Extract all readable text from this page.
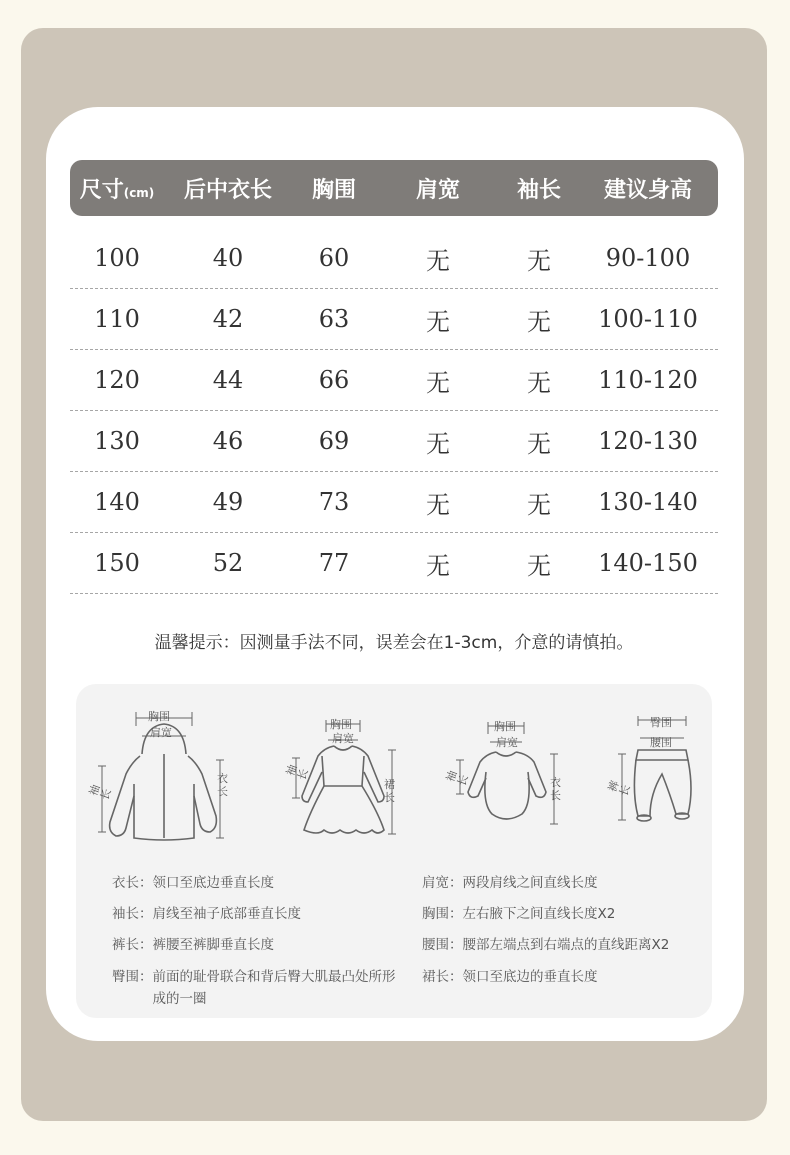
尺寸(cm)	后中衣长	胸围	肩宽	袖长	建议身高
100	40	60	无	无	90-100
110	42	63	无	无	100-110
120	44	66	无	无	110-120
130	46	69	无	无	120-130
140	49	73	无	无	130-140
150	52	77	无	无	140-150
温馨提示：因测量手法不同，误差会在1-3cm，介意的请慎拍。
胸围
肩宽
袖长
衣长
胸围
肩宽
袖长
裙长
胸围
肩宽
袖长	衣长
臀围
腰围
裤长
衣长： 领口至底边垂直长度
袖长： 肩线至袖子底部垂直长度
裤长： 裤腰至裤脚垂直长度
臀围： 前面的耻骨联合和背后臀大肌最凸处所形成的一圈
肩宽： 两段肩线之间直线长度
胸围： 左右腋下之间直线长度X2
腰围： 腰部左端点到右端点的直线距离X2
裙长： 领口至底边的垂直长度
